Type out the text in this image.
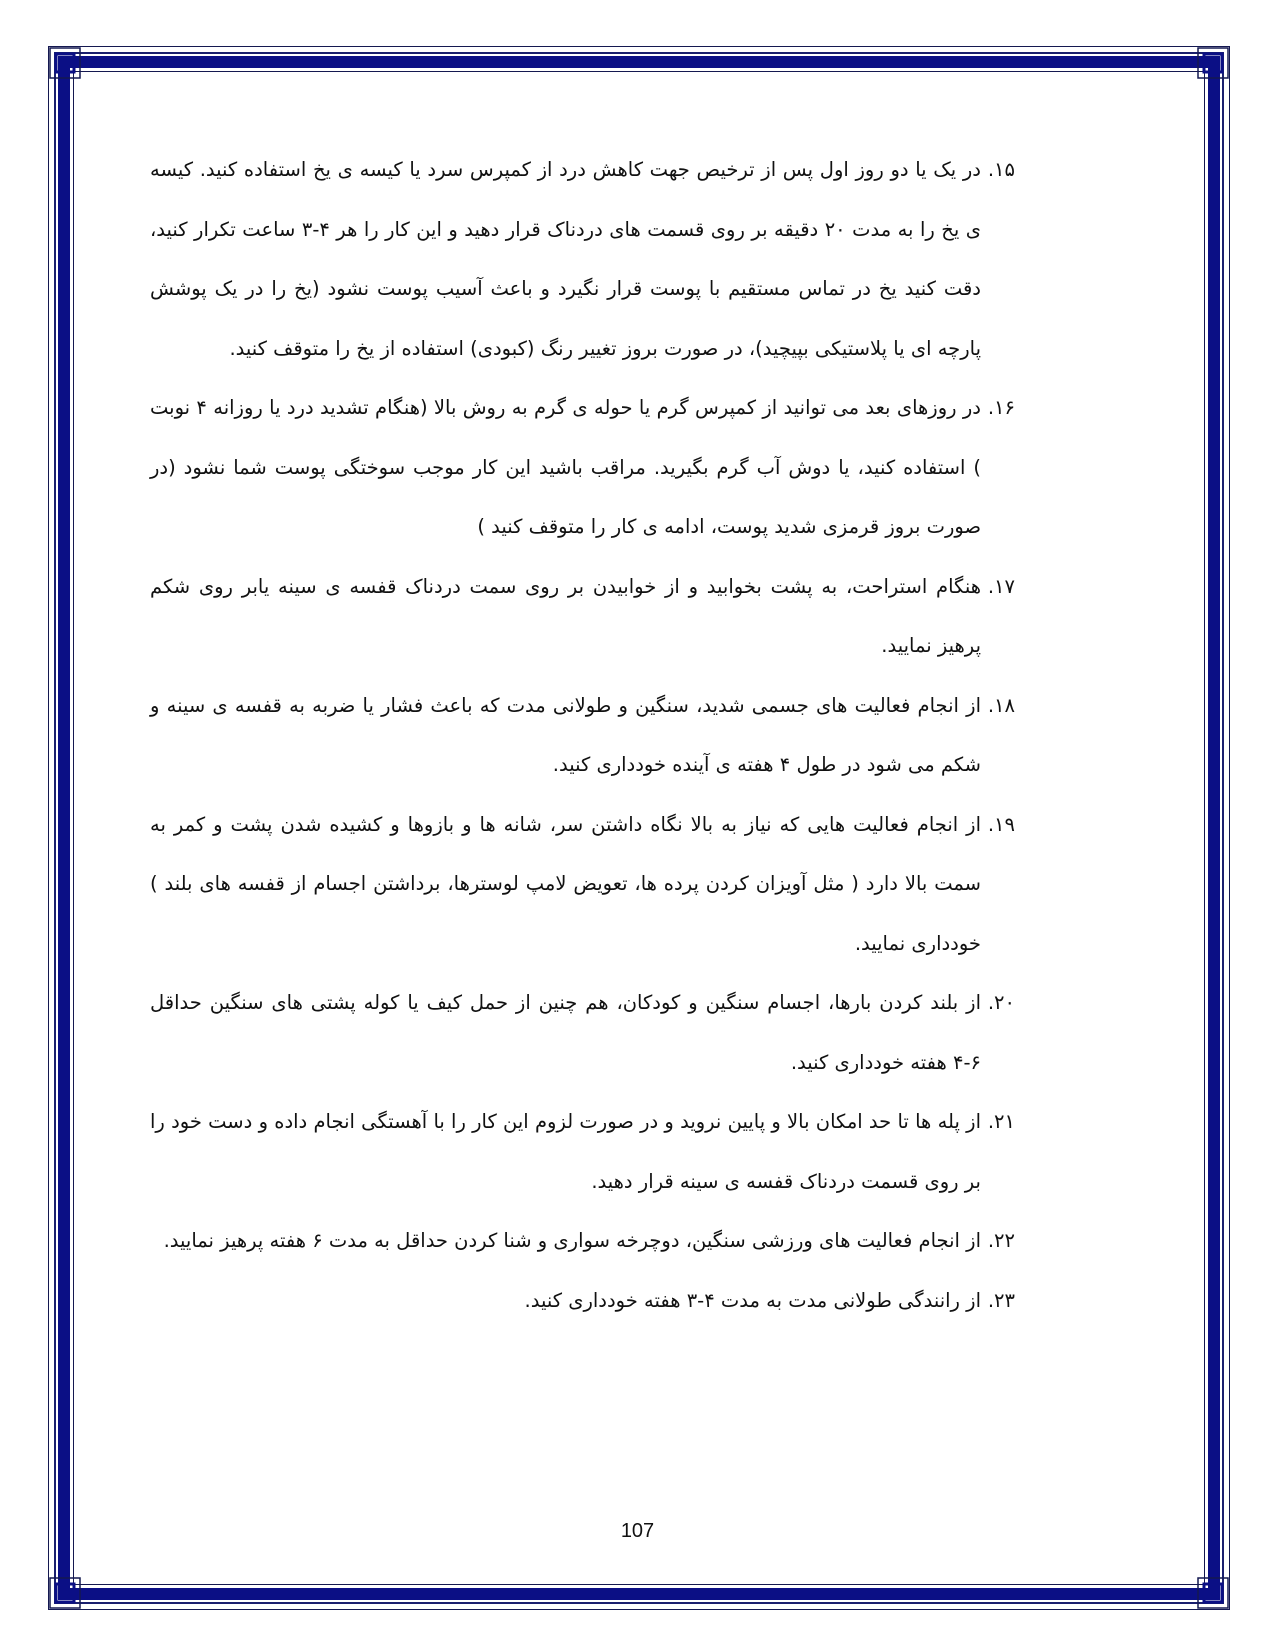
۱۵.
در یک یا دو روز اول پس از ترخیص جهت کاهش درد از کمپرس سرد یا کیسه ی یخ استفاده کنید. کیسه ی یخ را به مدت ۲۰ دقیقه بر روی قسمت های دردناک قرار دهید و این کار را هر ۴-۳ ساعت تکرار کنید، دقت کنید یخ در تماس مستقیم با پوست قرار نگیرد و باعث آسیب پوست نشود (یخ را در یک پوشش پارچه ای یا پلاستیکی بپیچید)، در صورت بروز تغییر رنگ (کبودی) استفاده از یخ را متوقف کنید.
۱۶.
در روزهای بعد می توانید از کمپرس گرم یا حوله ی گرم به روش بالا (هنگام تشدید درد یا روزانه ۴ نوبت ) استفاده کنید، یا دوش آب گرم بگیرید. مراقب باشید این کار موجب سوختگی پوست شما نشود (در صورت بروز قرمزی شدید پوست، ادامه ی کار را متوقف کنید )
۱۷.
هنگام استراحت، به پشت بخوابید و از خوابیدن بر روی سمت دردناک قفسه ی سینه یابر روی شکم پرهیز نمایید.
۱۸.
از انجام فعالیت های جسمی شدید، سنگین و طولانی مدت که باعث فشار یا ضربه به قفسه ی سینه و شکم می شود در طول ۴ هفته ی آینده خودداری کنید.
۱۹.
از انجام فعالیت هایی که نیاز به بالا نگاه داشتن سر، شانه ها و بازوها و کشیده شدن پشت و کمر به سمت بالا دارد ( مثل آویزان کردن پرده ها، تعویض لامپ لوسترها، برداشتن اجسام از قفسه های بلند ) خودداری نمایید.
۲۰.
از بلند کردن بارها، اجسام سنگین و کودکان، هم چنین از حمل کیف یا کوله پشتی های سنگین حداقل ۶-۴ هفته خودداری کنید.
۲۱.
از پله ها تا حد امکان بالا و پایین نروید و در صورت لزوم این کار را با آهستگی انجام داده و دست خود را بر روی قسمت دردناک قفسه ی سینه قرار دهید.
۲۲.
از انجام فعالیت های ورزشی سنگین، دوچرخه سواری و شنا کردن حداقل به مدت ۶ هفته پرهیز نمایید.
۲۳.
از رانندگی طولانی مدت به مدت ۴-۳ هفته خودداری کنید.
107
